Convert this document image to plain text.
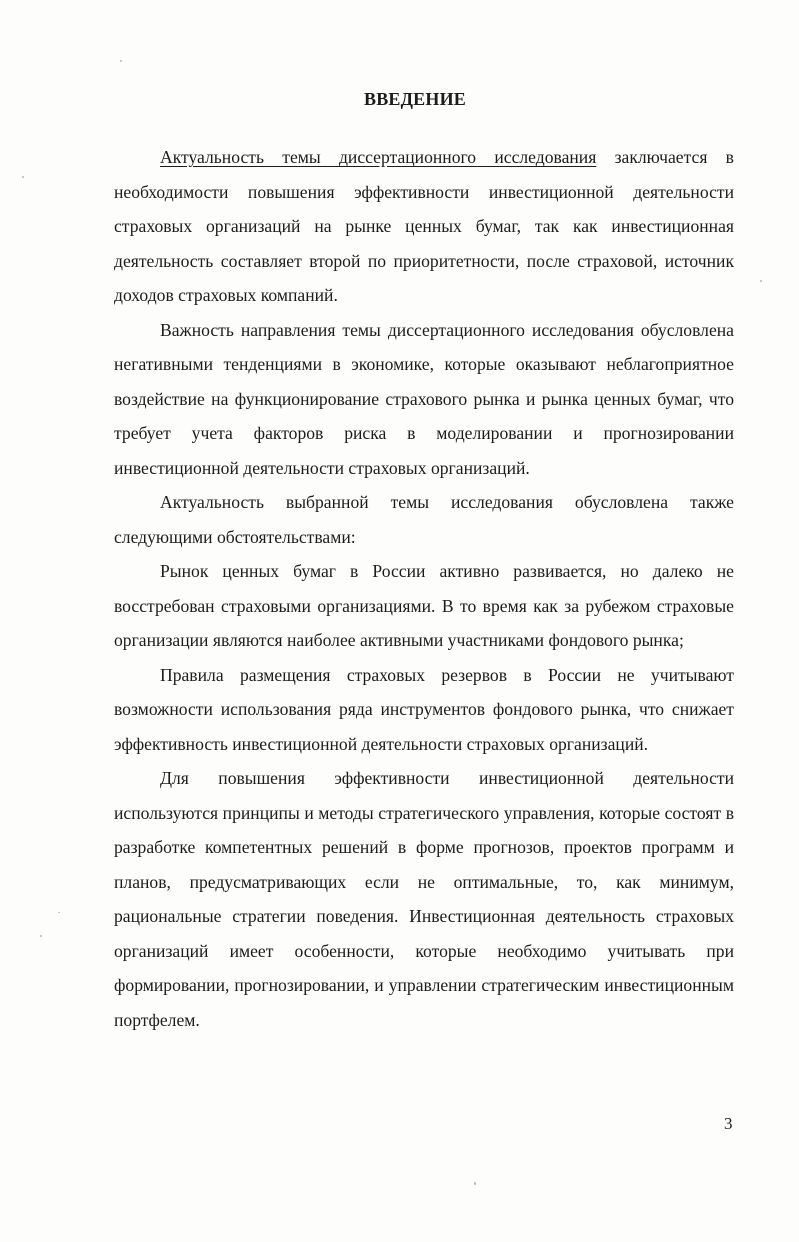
ВВЕДЕНИЕ

Актуальность темы диссертационного исследования заключается в необходимости повышения эффективности инвестиционной деятельности страховых организаций на рынке ценных бумаг, так как инвестиционная деятельность составляет второй по приоритетности, после страховой, источник доходов страховых компаний.

Важность направления темы диссертационного исследования обусловлена негативными тенденциями в экономике, которые оказывают неблагоприятное воздействие на функционирование страхового рынка и рынка ценных бумаг, что требует учета факторов риска в моделировании и прогнозировании инвестиционной деятельности страховых организаций.

Актуальность выбранной темы исследования обусловлена также следующими обстоятельствами:

Рынок ценных бумаг в России активно развивается, но далеко не восстребован страховыми организациями. В то время как за рубежом страховые организации являются наиболее активными участниками фондового рынка;

Правила размещения страховых резервов в России не учитывают возможности использования ряда инструментов фондового рынка, что снижает эффективность инвестиционной деятельности страховых организаций.

Для повышения эффективности инвестиционной деятельности используются принципы и методы стратегического управления, которые состоят в разработке компетентных решений в форме прогнозов, проектов программ и планов, предусматривающих если не оптимальные, то, как минимум, рациональные стратегии поведения. Инвестиционная деятельность страховых организаций имеет особенности, которые необходимо учитывать при формировании, прогнозировании, и управлении стратегическим инвестиционным портфелем.

3
